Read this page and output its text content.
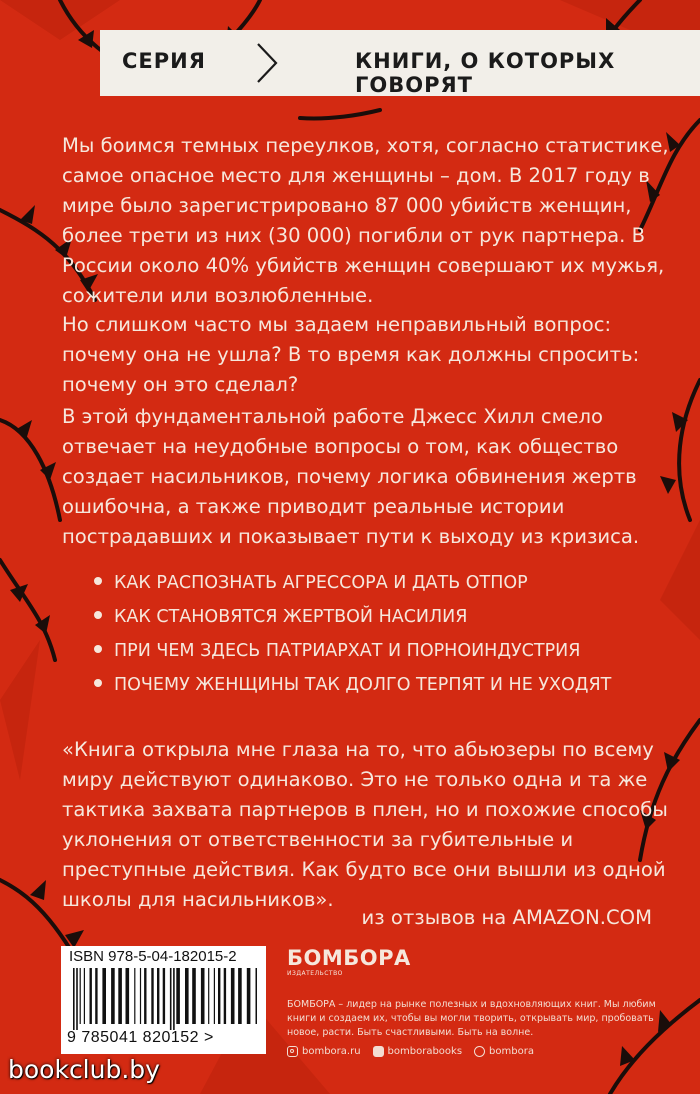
СЕРИЯ	КНИГИ, О КОТОРЫХ ГОВОРЯТ

Мы боимся темных переулков, хотя, согласно статистике, самое опасное место для женщины – дом. В 2017 году в мире было зарегистрировано 87 000 убийств женщин, более трети из них (30 000) погибли от рук партнера. В России около 40% убийств женщин совершают их мужья, сожители или возлюбленные.

Но слишком часто мы задаем неправильный вопрос: почему она не ушла? В то время как должны спросить: почему он это сделал?

В этой фундаментальной работе Джесс Хилл смело отвечает на неудобные вопросы о том, как общество создает насильников, почему логика обвинения жертв ошибочна, а также приводит реальные истории пострадавших и показывает пути к выходу из кризиса.

КАК РАСПОЗНАТЬ АГРЕССОРА И ДАТЬ ОТПОР
КАК СТАНОВЯТСЯ ЖЕРТВОЙ НАСИЛИЯ
ПРИ ЧЕМ ЗДЕСЬ ПАТРИАРХАТ И ПОРНОИНДУСТРИЯ
ПОЧЕМУ ЖЕНЩИНЫ ТАК ДОЛГО ТЕРПЯТ И НЕ УХОДЯТ

«Книга открыла мне глаза на то, что абьюзеры по всему миру действуют одинаково. Это не только одна и та же тактика захвата партнеров в плен, но и похожие способы уклонения от ответственности за губительные и преступные действия. Как будто все они вышли из одной школы для насильников».

из отзывов на AMAZON.COM
ISBN 978-5-04-182015-2
9 785041 820152 >
БОМБОРА
ИЗДАТЕЛЬСТВО
БОМБОРА – лидер на рынке полезных и вдохновляющих книг. Мы любим книги и создаем их, чтобы вы могли творить, открывать мир, пробовать новое, расти. Быть счастливыми. Быть на волне.
bombora.ru	bomborabooks	bombora
bookclub.by
